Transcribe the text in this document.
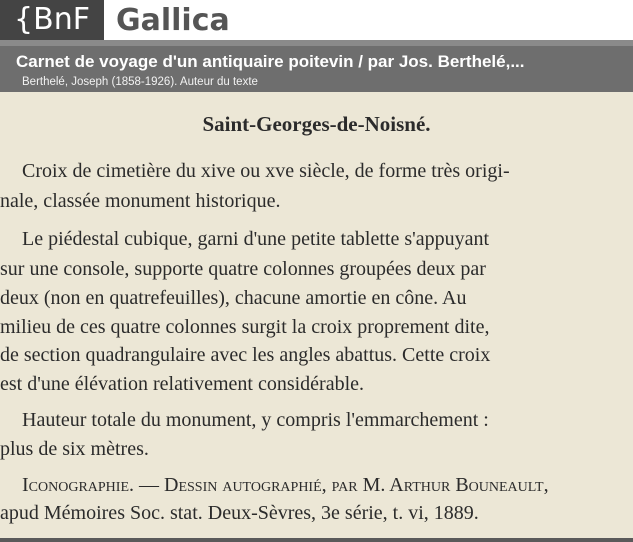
{BnF Gallica
Carnet de voyage d'un antiquaire poitevin / par Jos. Berthelé,...
Berthelé, Joseph (1858-1926). Auteur du texte
Saint-Georges-de-Noisné.
Croix de cimetière du xive ou xve siècle, de forme très origi-
nale, classée monument historique.
Le piédestal cubique, garni d'une petite tablette s'appuyant
sur une console, supporte quatre colonnes groupées deux par
deux (non en quatrefeuilles), chacune amortie en cône. Au
milieu de ces quatre colonnes surgit la croix proprement dite,
de section quadrangulaire avec les angles abattus. Cette croix
est d'une élévation relativement considérable.
Hauteur totale du monument, y compris l'emmarchement :
plus de six mètres.
Iconographie. — Dessin autographié, par M. Arthur Bouneault,
apud Mémoires Soc. stat. Deux-Sèvres, 3e série, t. vi, 1889.
